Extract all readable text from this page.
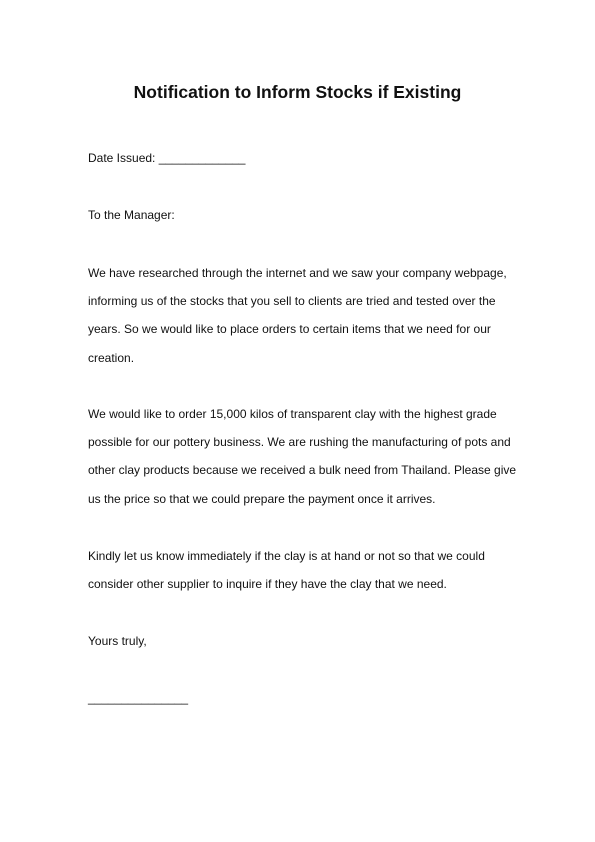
Notification to Inform Stocks if Existing

Date Issued: _____________

To the Manager:

We have researched through the internet and we saw your company webpage,

informing us of the stocks that you sell to clients are tried and tested over the

years. So we would like to place orders to certain items that we need for our

creation.

We would like to order 15,000 kilos of transparent clay with the highest grade

possible for our pottery business. We are rushing the manufacturing of pots and

other clay products because we received a bulk need from Thailand. Please give

us the price so that we could prepare the payment once it arrives.

Kindly let us know immediately if the clay is at hand or not so that we could

consider other supplier to inquire if they have the clay that we need.

Yours truly,

_______________
